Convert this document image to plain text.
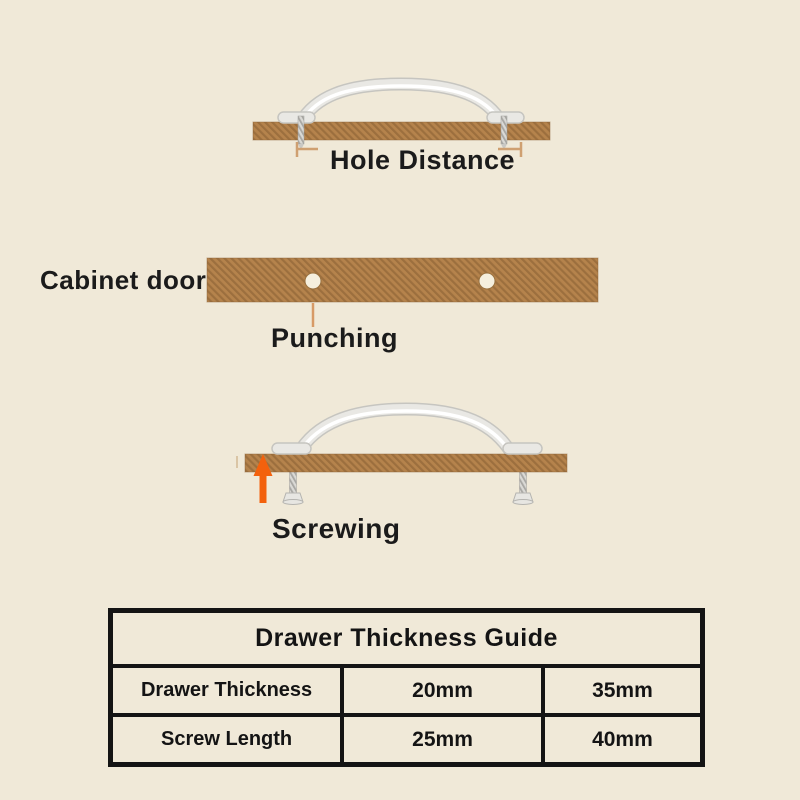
Hole Distance
Cabinet door
Punching
Screwing
Drawer Thickness Guide
Drawer Thickness	20mm	35mm
Screw Length	25mm	40mm
